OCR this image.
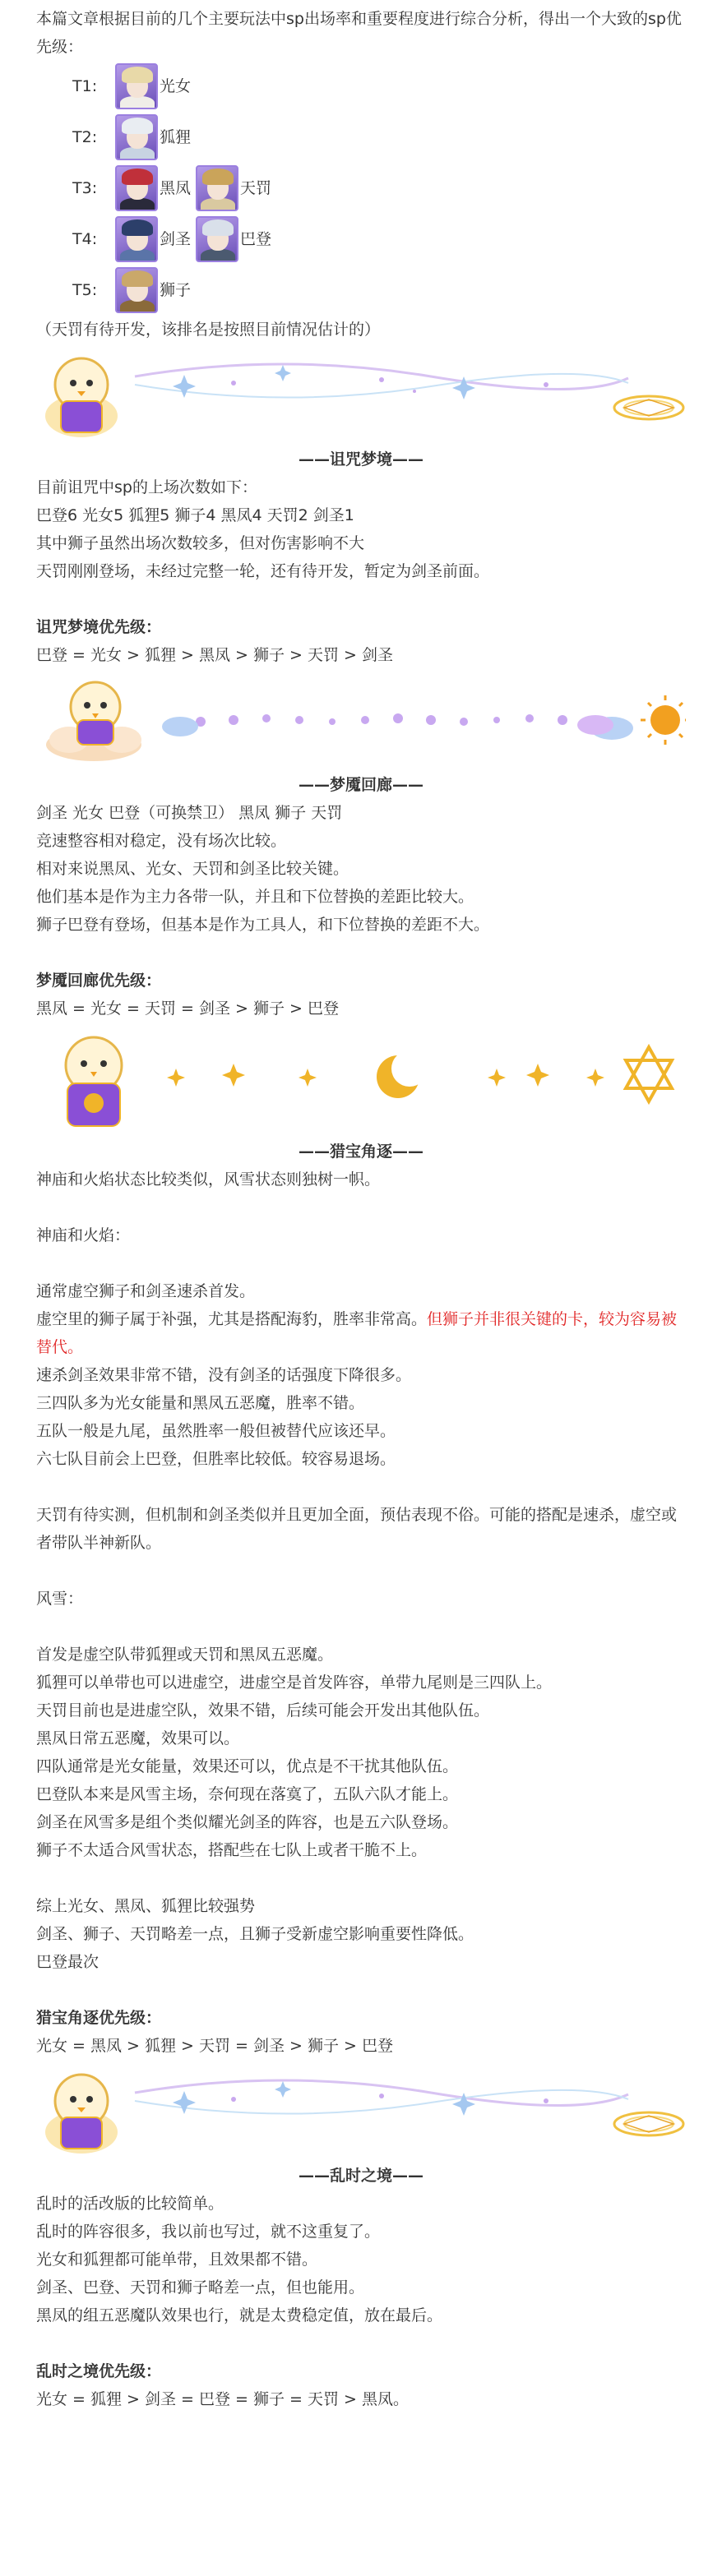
本篇文章根据目前的几个主要玩法中sp出场率和重要程度进行综合分析，得出一个大致的sp优先级：

T1:	光女
T2:	狐狸
T3:	黑凤	天罚
T4:	剑圣	巴登
T5:	狮子

（天罚有待开发，该排名是按照目前情况估计的）

——诅咒梦境——

目前诅咒中sp的上场次数如下：

巴登6 光女5 狐狸5 狮子4 黑凤4 天罚2 剑圣1

其中狮子虽然出场次数较多，但对伤害影响不大

天罚刚刚登场，未经过完整一轮，还有待开发，暂定为剑圣前面。

诅咒梦境优先级：

巴登 = 光女 > 狐狸 > 黑凤 > 狮子 > 天罚 > 剑圣

——梦魇回廊——

剑圣 光女 巴登（可换禁卫） 黑凤 狮子 天罚

竞速整容相对稳定，没有场次比较。

相对来说黑凤、光女、天罚和剑圣比较关键。

他们基本是作为主力各带一队，并且和下位替换的差距比较大。

狮子巴登有登场，但基本是作为工具人，和下位替换的差距不大。

梦魇回廊优先级：

黑凤 = 光女 = 天罚 = 剑圣 > 狮子 > 巴登

——猎宝角逐——

神庙和火焰状态比较类似，风雪状态则独树一帜。

神庙和火焰：

通常虚空狮子和剑圣速杀首发。

虚空里的狮子属于补强，尤其是搭配海豹，胜率非常高。但狮子并非很关键的卡，较为容易被替代。

速杀剑圣效果非常不错，没有剑圣的话强度下降很多。

三四队多为光女能量和黑凤五恶魔，胜率不错。

五队一般是九尾，虽然胜率一般但被替代应该还早。

六七队目前会上巴登，但胜率比较低。较容易退场。

天罚有待实测，但机制和剑圣类似并且更加全面，预估表现不俗。可能的搭配是速杀，虚空或者带队半神新队。

风雪：

首发是虚空队带狐狸或天罚和黑凤五恶魔。

狐狸可以单带也可以进虚空，进虚空是首发阵容，单带九尾则是三四队上。

天罚目前也是进虚空队，效果不错，后续可能会开发出其他队伍。

黑凤日常五恶魔，效果可以。

四队通常是光女能量，效果还可以，优点是不干扰其他队伍。

巴登队本来是风雪主场，奈何现在落寞了，五队六队才能上。

剑圣在风雪多是组个类似耀光剑圣的阵容，也是五六队登场。

狮子不太适合风雪状态，搭配些在七队上或者干脆不上。

综上光女、黑凤、狐狸比较强势

剑圣、狮子、天罚略差一点，且狮子受新虚空影响重要性降低。

巴登最次

猎宝角逐优先级：

光女 = 黑凤 > 狐狸 > 天罚 = 剑圣 > 狮子 > 巴登

——乱时之境——

乱时的活改版的比较简单。

乱时的阵容很多，我以前也写过，就不这重复了。

光女和狐狸都可能单带，且效果都不错。

剑圣、巴登、天罚和狮子略差一点，但也能用。

黑凤的组五恶魔队效果也行，就是太费稳定值，放在最后。

乱时之境优先级：

光女 = 狐狸 > 剑圣 = 巴登 = 狮子 = 天罚 > 黑凤。
